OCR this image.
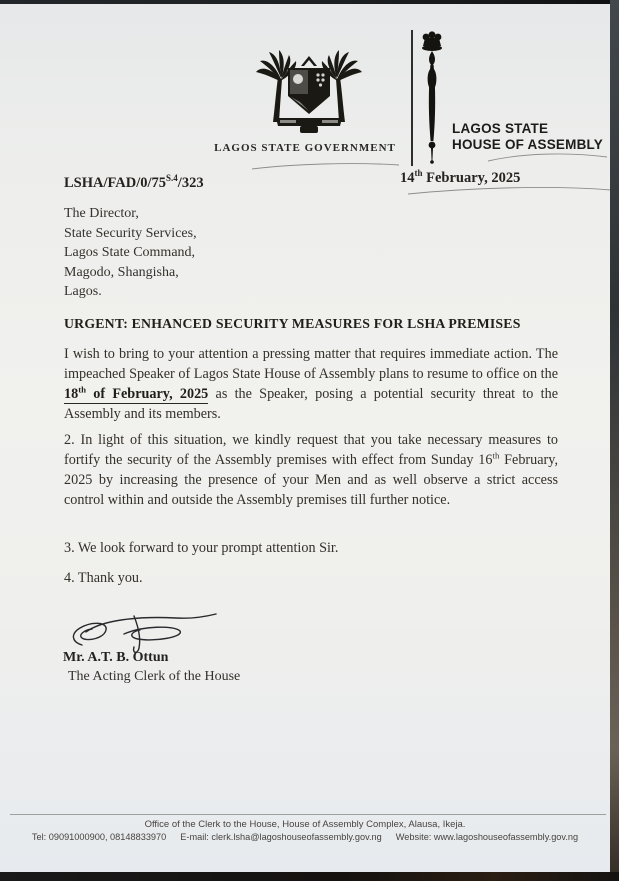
LAGOS STATE GOVERNMENT
LAGOS STATE
HOUSE OF ASSEMBLY
LSHA/$FAD/0/75^{S.4}/323$	14th February, 2025
The Director,
State Security Services,
Lagos State Command,
Magodo, Shangisha,
Lagos.
URGENT: ENHANCED SECURITY MEASURES FOR LSHA PREMISES
I wish to bring to your attention a pressing matter that requires immediate action. The impeached Speaker of Lagos State House of Assembly plans to resume to office on the 18th of February, 2025 as the Speaker, posing a potential security threat to the Assembly and its members.
2. In light of this situation, we kindly request that you take necessary measures to fortify the security of the Assembly premises with effect from Sunday 16th February, 2025 by increasing the presence of your Men and as well observe a strict access control within and outside the Assembly premises till further notice.
3. We look forward to your prompt attention Sir.
4. Thank you.
Mr. A.T. B. Ottun
The Acting Clerk of the House
Office of the Clerk to the House, House of Assembly Complex, Alausa, Ikeja.
Tel: 09091000900, 08148833970 E-mail: clerk.lsha@lagoshouseofassembly.gov.ng Website: www.lagoshouseofassembly.gov.ng
